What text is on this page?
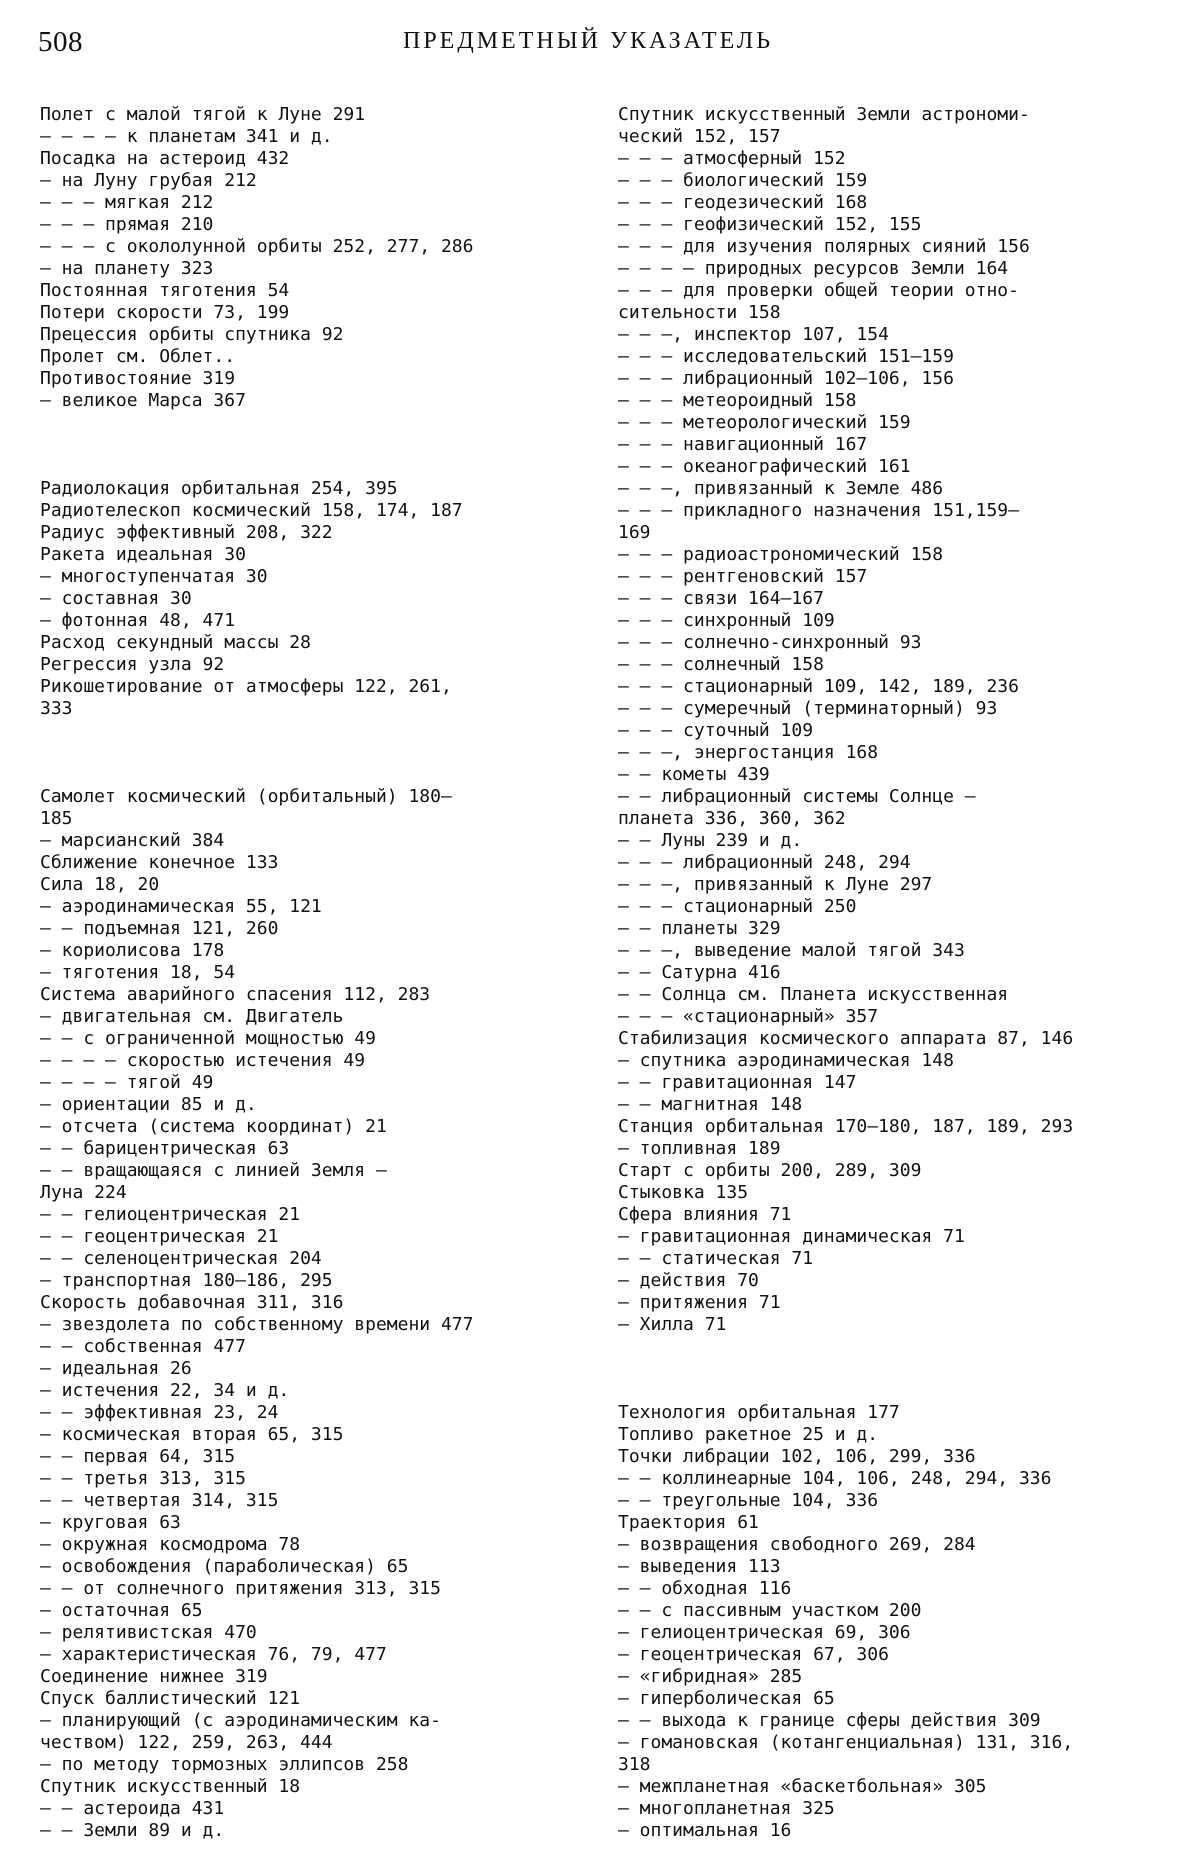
508	ПРЕДМЕТНЫЙ УКАЗАТЕЛЬ
Полет с малой тягой к Луне 291
— — — — к планетам 341 и д.
Посадка на астероид 432
— на Луну грубая 212
— — — мягкая 212
— — — прямая 210
— — — с окололунной орбиты 252, 277, 286
— на планету 323
Постоянная тяготения 54
Потери скорости 73, 199
Прецессия орбиты спутника 92
Пролет см. Облет..
Противостояние 319
— великое Марса 367
Радиолокация орбитальная 254, 395
Радиотелескоп космический 158, 174, 187
Радиус эффективный 208, 322
Ракета идеальная 30
— многоступенчатая 30
— составная 30
— фотонная 48, 471
Расход секундный массы 28
Регрессия узла 92
Рикошетирование от атмосферы 122, 261,
333
Самолет космический (орбитальный) 180—
185
— марсианский 384
Сближение конечное 133
Сила 18, 20
— аэродинамическая 55, 121
— — подъемная 121, 260
— кориолисова 178
— тяготения 18, 54
Система аварийного спасения 112, 283
— двигательная см. Двигатель
— — с ограниченной мощностью 49
— — — — скоростью истечения 49
— — — — тягой 49
— ориентации 85 и д.
— отсчета (система координат) 21
— — барицентрическая 63
— — вращающаяся с линией Земля —
Луна 224
— — гелиоцентрическая 21
— — геоцентрическая 21
— — селеноцентрическая 204
— транспортная 180—186, 295
Скорость добавочная 311, 316
— звездолета по собственному времени 477
— — собственная 477
— идеальная 26
— истечения 22, 34 и д.
— — эффективная 23, 24
— космическая вторая 65, 315
— — первая 64, 315
— — третья 313, 315
— — четвертая 314, 315
— круговая 63
— окружная космодрома 78
— освобождения (параболическая) 65
— — от солнечного притяжения 313, 315
— остаточная 65
— релятивистская 470
— характеристическая 76, 79, 477
Соединение нижнее 319
Спуск баллистический 121
— планирующий (с аэродинамическим ка-
чеством) 122, 259, 263, 444
— по методу тормозных эллипсов 258
Спутник искусственный 18
— — астероида 431
— — Земли 89 и д.
Спутник искусственный Земли астрономи-
ческий 152, 157
— — — атмосферный 152
— — — биологический 159
— — — геодезический 168
— — — геофизический 152, 155
— — — для изучения полярных сияний 156
— — — — природных ресурсов Земли 164
— — — для проверки общей теории отно-
сительности 158
— — —, инспектор 107, 154
— — — исследовательский 151—159
— — — либрационный 102—106, 156
— — — метеороидный 158
— — — метеорологический 159
— — — навигационный 167
— — — океанографический 161
— — —, привязанный к Земле 486
— — — прикладного назначения 151,159—
169
— — — радиоастрономический 158
— — — рентгеновский 157
— — — связи 164—167
— — — синхронный 109
— — — солнечно-синхронный 93
— — — солнечный 158
— — — стационарный 109, 142, 189, 236
— — — сумеречный (терминаторный) 93
— — — суточный 109
— — —, энергостанция 168
— — кометы 439
— — либрационный системы Солнце —
планета 336, 360, 362
— — Луны 239 и д.
— — — либрационный 248, 294
— — —, привязанный к Луне 297
— — — стационарный 250
— — планеты 329
— — —, выведение малой тягой 343
— — Сатурна 416
— — Солнца см. Планета искусственная
— — — «стационарный» 357
Стабилизация космического аппарата 87, 146
— спутника аэродинамическая 148
— — гравитационная 147
— — магнитная 148
Станция орбитальная 170—180, 187, 189, 293
— топливная 189
Старт с орбиты 200, 289, 309
Стыковка 135
Сфера влияния 71
— гравитационная динамическая 71
— — статическая 71
— действия 70
— притяжения 71
— Хилла 71
Технология орбитальная 177
Топливо ракетное 25 и д.
Точки либрации 102, 106, 299, 336
— — коллинеарные 104, 106, 248, 294, 336
— — треугольные 104, 336
Траектория 61
— возвращения свободного 269, 284
— выведения 113
— — обходная 116
— — с пассивным участком 200
— гелиоцентрическая 69, 306
— геоцентрическая 67, 306
— «гибридная» 285
— гиперболическая 65
— — выхода к границе сферы действия 309
— гомановская (котангенциальная) 131, 316,
318
— межпланетная «баскетбольная» 305
— многопланетная 325
— оптимальная 16
